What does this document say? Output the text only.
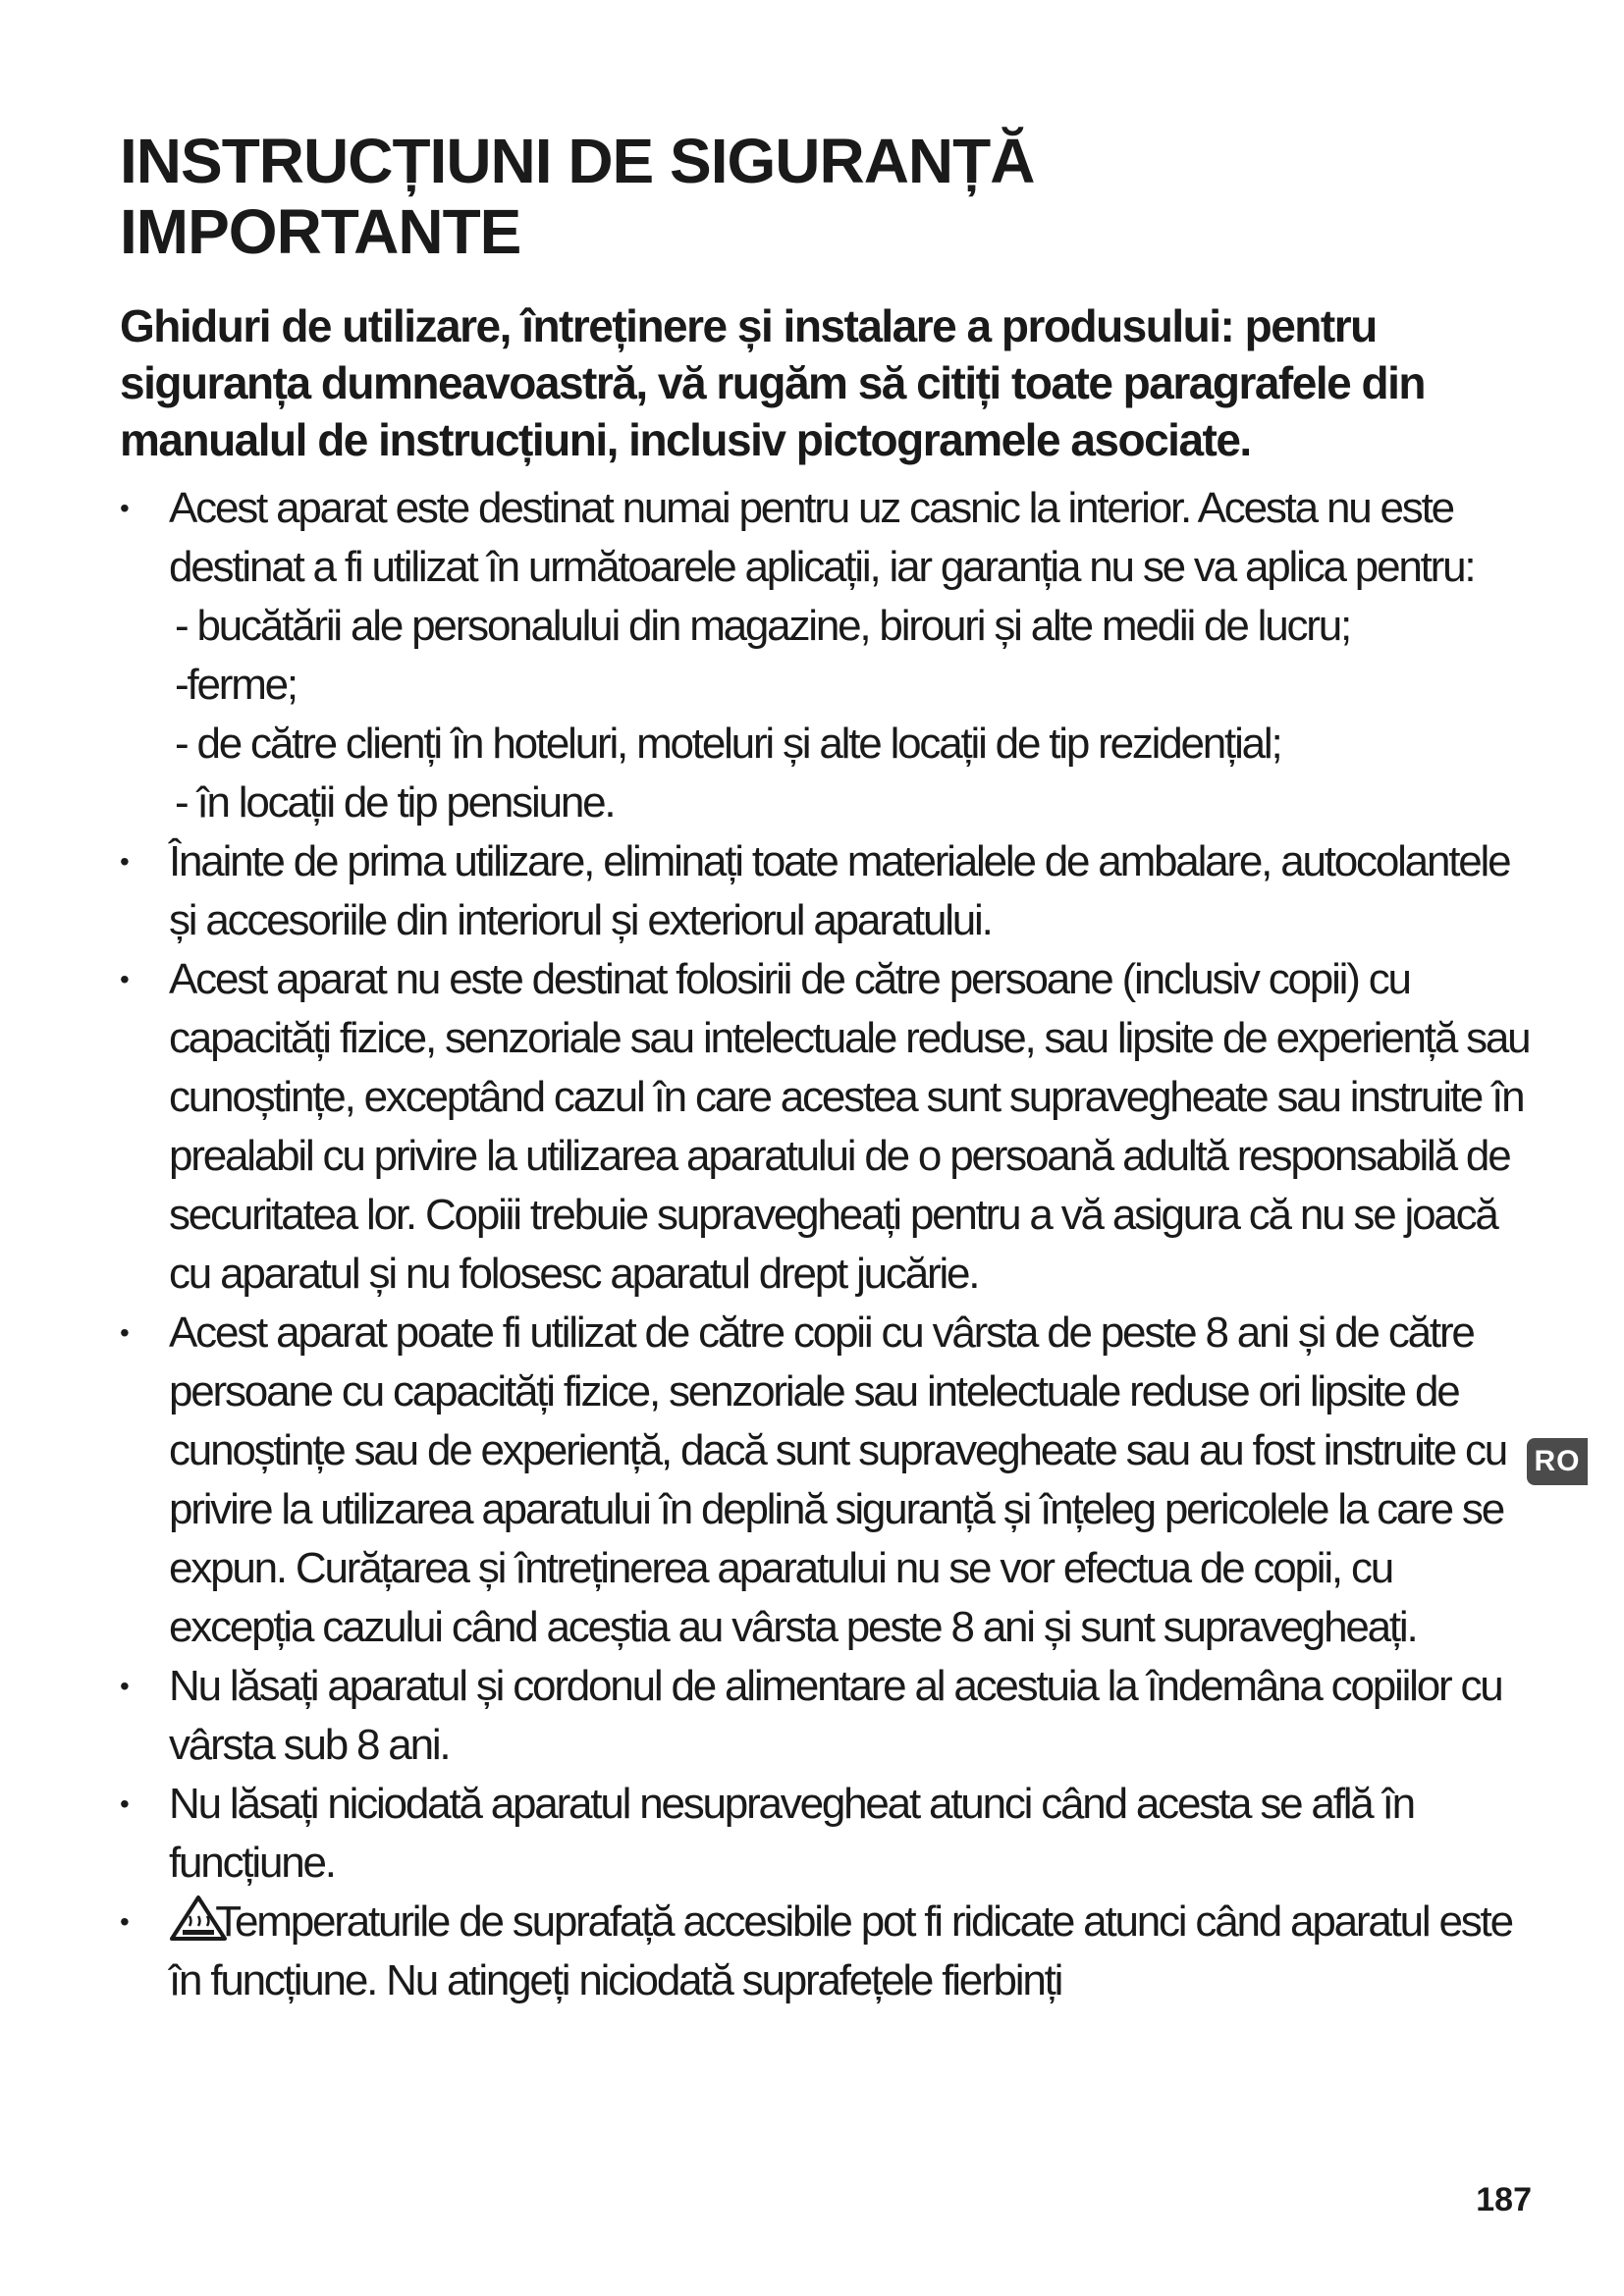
INSTRUCȚIUNI DE SIGURANȚĂ
IMPORTANTE
Ghiduri de utilizare, întreținere și instalare a produsului: pentru siguranța dumneavoastră, vă rugăm să citiți toate paragrafele din manualul de instrucțiuni, inclusiv pictogramele asociate.
• Acest aparat este destinat numai pentru uz casnic la interior. Acesta nu este destinat a fi utilizat în următoarele aplicații, iar garanția nu se va aplica pentru:
- bucătării ale personalului din magazine, birouri și alte medii de lucru;
-ferme;
- de către clienți în hoteluri, moteluri și alte locații de tip rezidențial;
- în locații de tip pensiune.
• Înainte de prima utilizare, eliminați toate materialele de ambalare, autocolantele și accesoriile din interiorul și exteriorul aparatului.
• Acest aparat nu este destinat folosirii de către persoane (inclusiv copii) cu capacități fizice, senzoriale sau intelectuale reduse, sau lipsite de experiență sau cunoștințe, exceptând cazul în care acestea sunt supravegheate sau instruite în prealabil cu privire la utilizarea aparatului de o persoană adultă responsabilă de securitatea lor. Copiii trebuie supravegheați pentru a vă asigura că nu se joacă cu aparatul și nu folosesc aparatul drept jucărie.
• Acest aparat poate fi utilizat de către copii cu vârsta de peste 8 ani și de către persoane cu capacități fizice, senzoriale sau intelectuale reduse ori lipsite de cunoștințe sau de experiență, dacă sunt supravegheate sau au fost instruite cu privire la utilizarea aparatului în deplină siguranță și înțeleg pericolele la care se expun. Curățarea și întreținerea aparatului nu se vor efectua de copii, cu excepția cazului când aceștia au vârsta peste 8 ani și sunt supravegheați.
• Nu lăsați aparatul și cordonul de alimentare al acestuia la îndemâna copiilor cu vârsta sub 8 ani.
• Nu lăsați niciodată aparatul nesupravegheat atunci când acesta se află în funcțiune.
•	Temperaturile de suprafață accesibile pot fi ridicate atunci când aparatul este în funcțiune. Nu atingeți niciodată suprafețele fierbinți
RO
187
